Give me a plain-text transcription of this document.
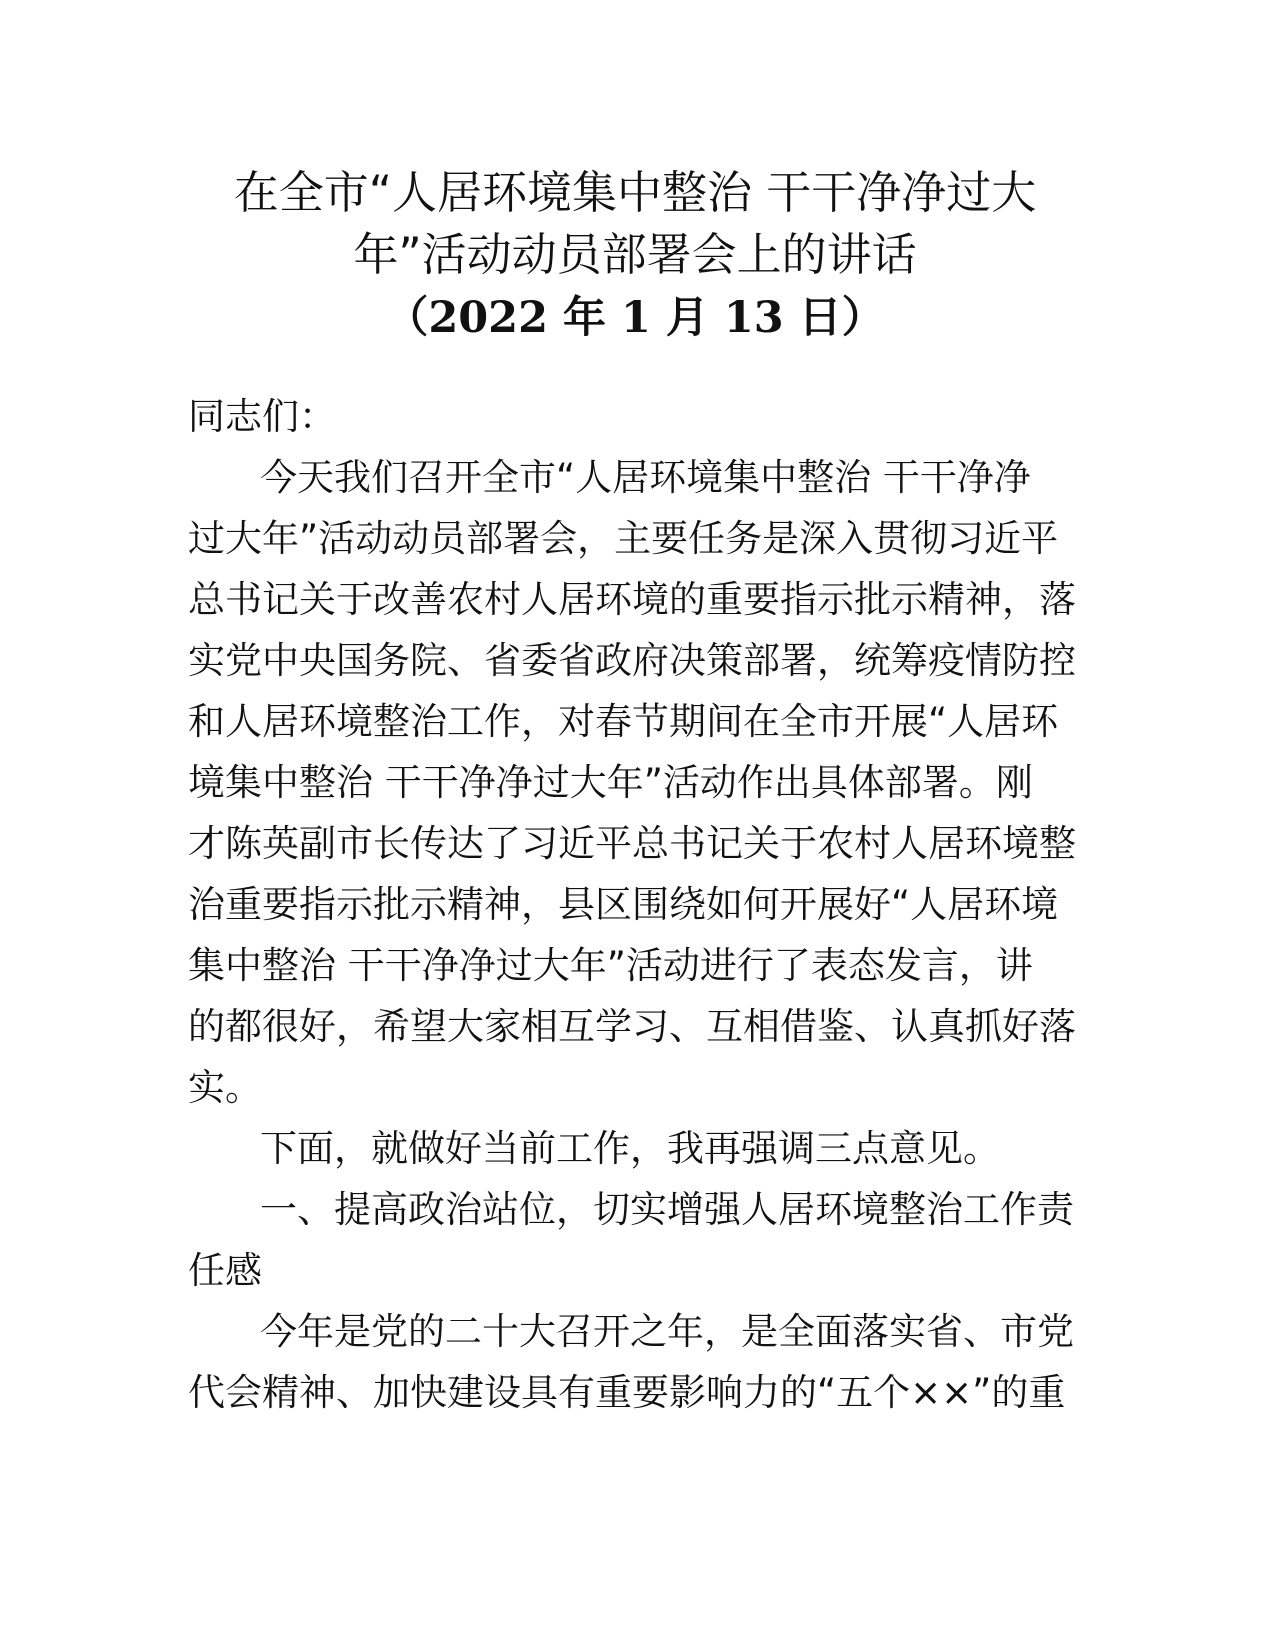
在全市“人居环境集中整治 干干净净过大
年”活动动员部署会上的讲话
（2022 年 1 月 13 日）
同志们：
今天我们召开全市“人居环境集中整治 干干净净
过大年”活动动员部署会，主要任务是深入贯彻习近平
总书记关于改善农村人居环境的重要指示批示精神，落
实党中央国务院、省委省政府决策部署，统筹疫情防控
和人居环境整治工作，对春节期间在全市开展“人居环
境集中整治 干干净净过大年”活动作出具体部署。刚
才陈英副市长传达了习近平总书记关于农村人居环境整
治重要指示批示精神，县区围绕如何开展好“人居环境
集中整治 干干净净过大年”活动进行了表态发言，讲
的都很好，希望大家相互学习、互相借鉴、认真抓好落
实。
下面，就做好当前工作，我再强调三点意见。
一、提高政治站位，切实增强人居环境整治工作责
任感
今年是党的二十大召开之年，是全面落实省、市党
代会精神、加快建设具有重要影响力的“五个××”的重
